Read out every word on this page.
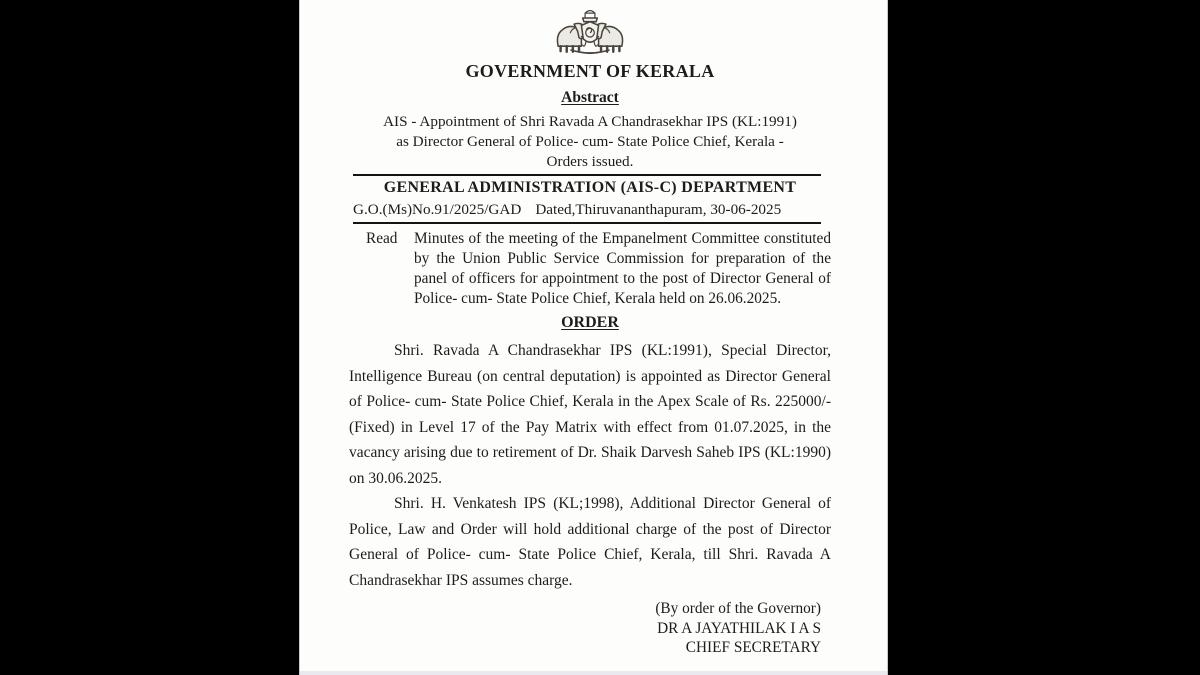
GOVERNMENT OF KERALA
Abstract
AIS - Appointment of Shri Ravada A Chandrasekhar IPS (KL:1991)
as Director General of Police- cum- State Police Chief, Kerala -
Orders issued.
GENERAL ADMINISTRATION (AIS-C) DEPARTMENT
G.O.(Ms)No.91/2025/GAD Dated,Thiruvananthapuram, 30-06-2025
Read	Minutes of the meeting of the Empanelment Committee constituted by the Union Public Service Commission for preparation of the panel of officers for appointment to the post of Director General of Police- cum- State Police Chief, Kerala held on 26.06.2025.
ORDER

Shri. Ravada A Chandrasekhar IPS (KL:1991), Special Director, Intelligence Bureau (on central deputation) is appointed as Director General of Police- cum- State Police Chief, Kerala in the Apex Scale of Rs. 225000/- (Fixed) in Level 17 of the Pay Matrix with effect from 01.07.2025, in the vacancy arising due to retirement of Dr. Shaik Darvesh Saheb IPS (KL:1990) on 30.06.2025.

Shri. H. Venkatesh IPS (KL;1998), Additional Director General of Police, Law and Order will hold additional charge of the post of Director General of Police- cum- State Police Chief, Kerala, till Shri. Ravada A Chandrasekhar IPS assumes charge.

(By order of the Governor)
DR A JAYATHILAK I A S
CHIEF SECRETARY
